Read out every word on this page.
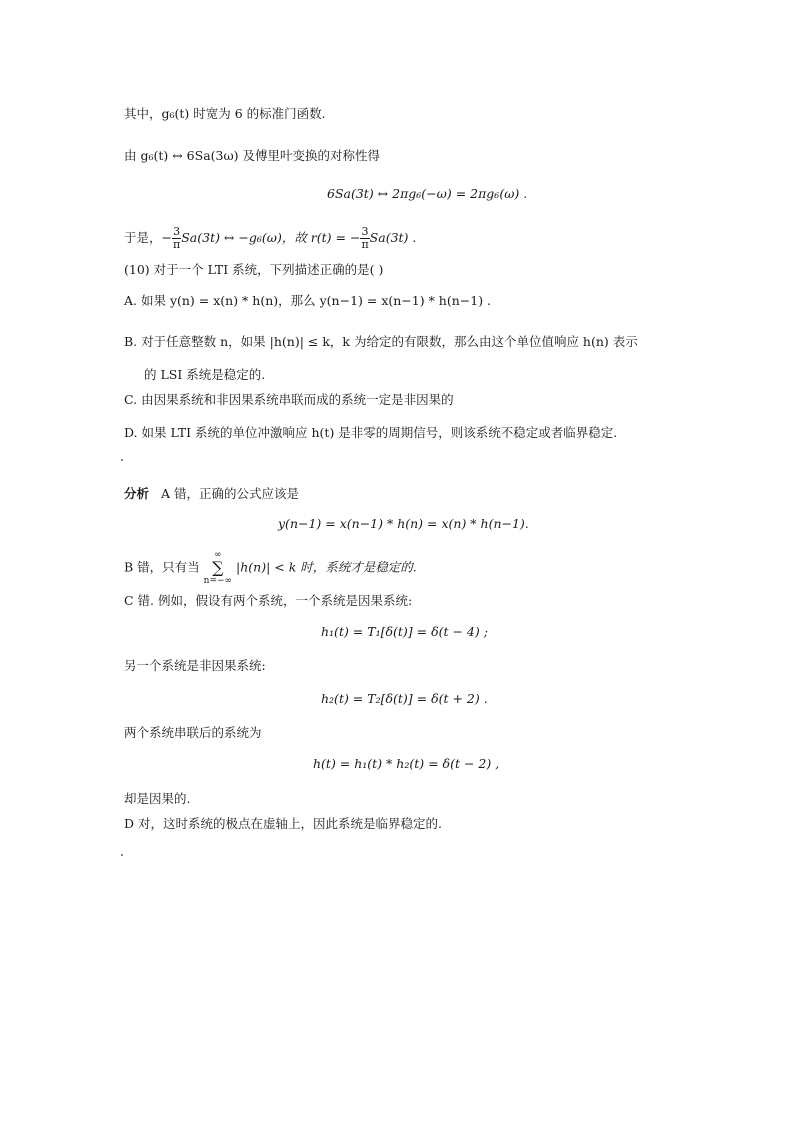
其中，g₆(t) 时宽为 6 的标准门函数.
由 g₆(t) ↔ 6Sa(3ω) 及傅里叶变换的对称性得
6Sa(3t) ↔ 2πg₆(−ω) = 2πg₆(ω) .
于是，− $\frac{3}{\pi} Sa(3t)$ ↔ −g₆(ω)，故 r(t) = − $\frac{3}{\pi} Sa(3t)$ .
(10) 对于一个 LTI 系统，下列描述正确的是( )
A. 如果 y(n) = x(n) * h(n)，那么 y(n−1) = x(n−1) * h(n−1) .
B. 对于任意整数 n，如果 |h(n)| ≤ k，k 为给定的有限数，那么由这个单位值响应 h(n) 表示
的 LSI 系统是稳定的.
C. 由因果系统和非因果系统串联而成的系统一定是非因果的
D. 如果 LTI 系统的单位冲激响应 h(t) 是非零的周期信号，则该系统不稳定或者临界稳定.
分析 A 错，正确的公式应该是
y(n−1) = x(n−1) * h(n) = x(n) * h(n−1).
B 错，只有当 ∞
∑
n=−∞ |h(n)| < k 时，系统才是稳定的.
C 错. 例如，假设有两个系统，一个系统是因果系统:
h₁(t) = T₁[δ(t)] = δ(t − 4) ;
另一个系统是非因果系统:
h₂(t) = T₂[δ(t)] = δ(t + 2) .
两个系统串联后的系统为
h(t) = h₁(t) * h₂(t) = δ(t − 2) ,
却是因果的.
D 对，这时系统的极点在虚轴上，因此系统是临界稳定的.
